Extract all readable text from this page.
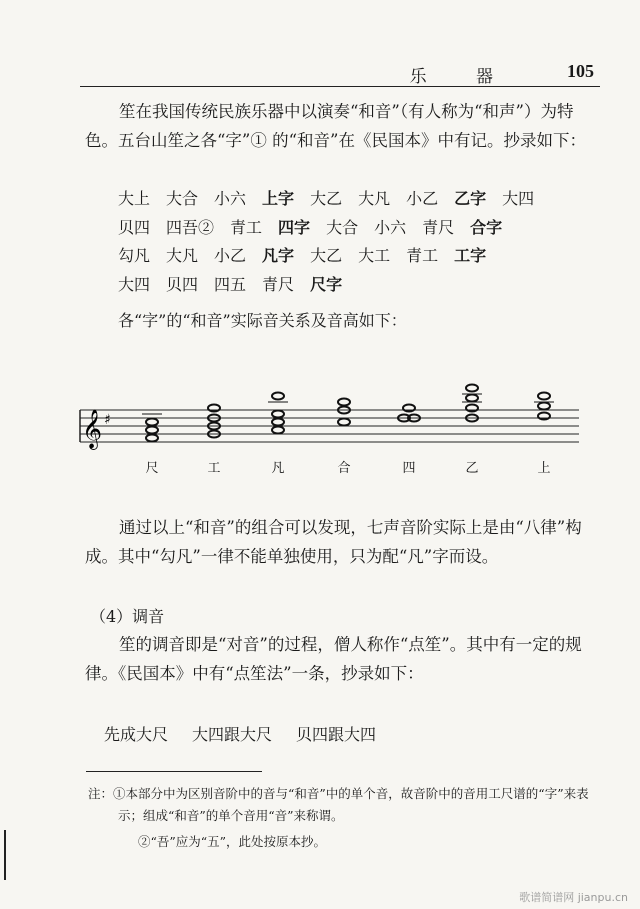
乐 器	105
笙在我国传统民族乐器中以演奏“和音”（有人称为“和声”）为特色。五台山笙之各“字”① 的“和音”在《民国本》中有记。抄录如下：
大上 大合 小六 上字 大乙 大凡 小乙 乙字 大四
贝四 四吾② 青工 四字 大合 小六 青尺 合字
勾凡 大凡 小乙 凡字 大乙 大工 青工 工字
大四 贝四 四五 青尺 尺字
各“字”的“和音”实际音关系及音高如下：
𝄞 ♯
尺	工	凡	合	四	乙	上
通过以上“和音”的组合可以发现，七声音阶实际上是由“八律”构成。其中“勾凡”一律不能单独使用，只为配“凡”字而设。
（4）调音
笙的调音即是“对音”的过程，僧人称作“点笙”。其中有一定的规律。《民国本》中有“点笙法”一条，抄录如下：
先成大尺 大四跟大尺 贝四跟大四
注：①本部分中为区别音阶中的音与“和音”中的单个音，故音阶中的音用工尺谱的“字”来表示；组成“和音”的单个音用“音”来称谓。
②“吾”应为“五”，此处按原本抄。
歌谱简谱网 jianpu.cn
